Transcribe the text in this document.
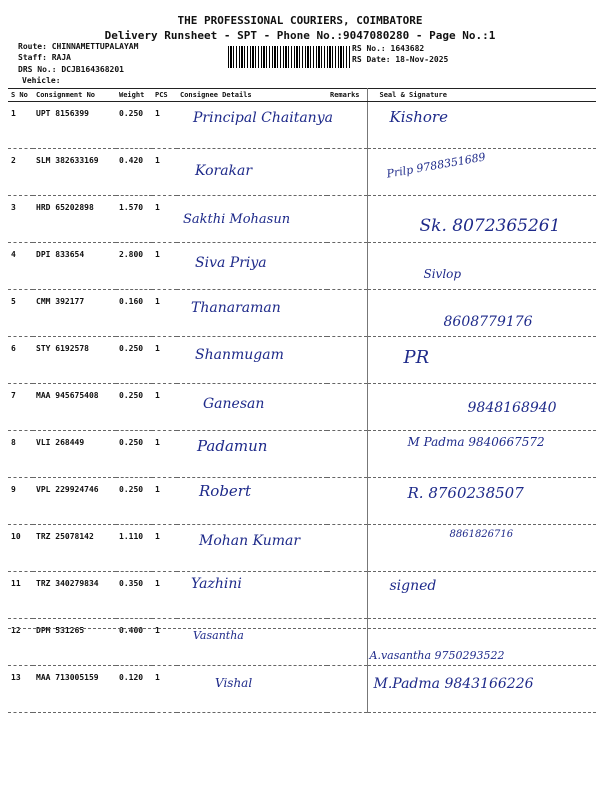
THE PROFESSIONAL COURIERS, COIMBATORE
Delivery Runsheet - SPT - Phone No.:9047080280 - Page No.:1
Route: CHINNAMETTUPALAYAM
Staff: RAJA
DRS No.: DCJB164368201
Vehicle:
RS No.: 1643682
RS Date: 18-Nov-2025
S No	Consignment No	Weight	PCS	Consignee Details	Remarks	Seal & Signature
1	UPT 8156399	0.250	1	Principal Chaitanya		Kishore

2	SLM 382633169	0.420	1	Korakar		Prilp 9788351689

3	HRD 65202898	1.570	1	Sakthi Mohasun		Sk. 8072365261

4	DPI 833654	2.800	1	Siva Priya		Sivlop

5	CMM 392177	0.160	1	Thanaraman		8608779176

6	STY 6192578	0.250	1	Shanmugam		PR

7	MAA 945675408	0.250	1	Ganesan		9848168940

8	VLI 268449	0.250	1	Padamun		M Padma 9840667572

9	VPL 229924746	0.250	1	Robert		R. 8760238507

10	TRZ 25078142	1.110	1	Mohan Kumar		8861826716

11	TRZ 340279834	0.350	1	Yazhini		signed

12	DPM 531265	0.400	1	Vasantha		A.vasantha 9750293522

13	MAA 713005159	0.120	1	Vishal		M.Padma 9843166226
